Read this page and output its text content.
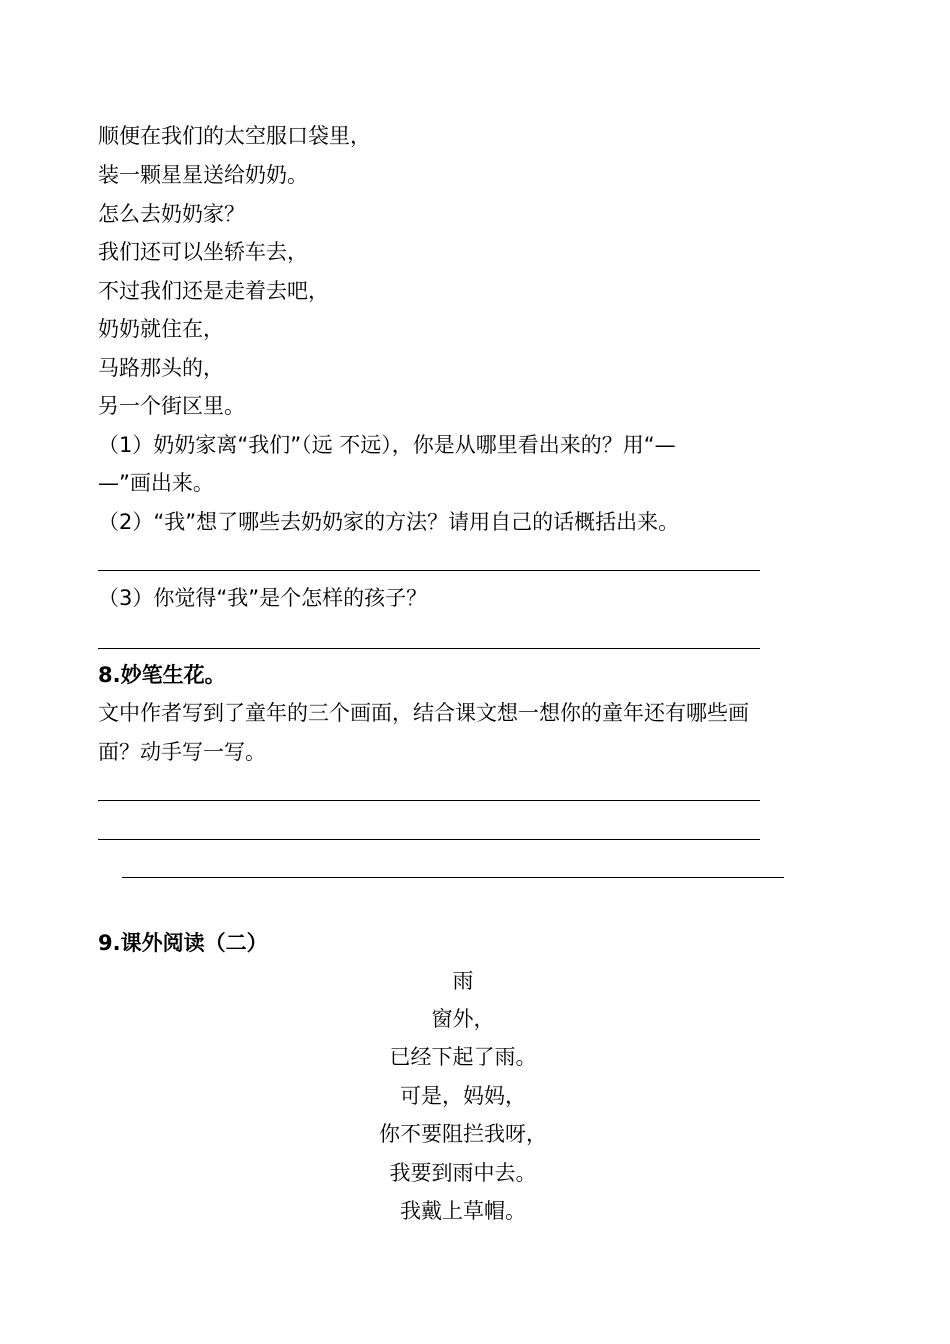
顺便在我们的太空服口袋里，

装一颗星星送给奶奶。

怎么去奶奶家？

我们还可以坐轿车去，

不过我们还是走着去吧，

奶奶就住在，

马路那头的，

另一个街区里。

（1）奶奶家离“我们”（远 不远），你是从哪里看出来的？用“—

—”画出来。

（2）“我”想了哪些去奶奶家的方法？请用自己的话概括出来。

（3）你觉得“我”是个怎样的孩子？

8.妙笔生花。

文中作者写到了童年的三个画面，结合课文想一想你的童年还有哪些画

面？动手写一写。

9.课外阅读（二）

雨

窗外，

已经下起了雨。

可是，妈妈，

你不要阻拦我呀，

我要到雨中去。

我戴上草帽。
